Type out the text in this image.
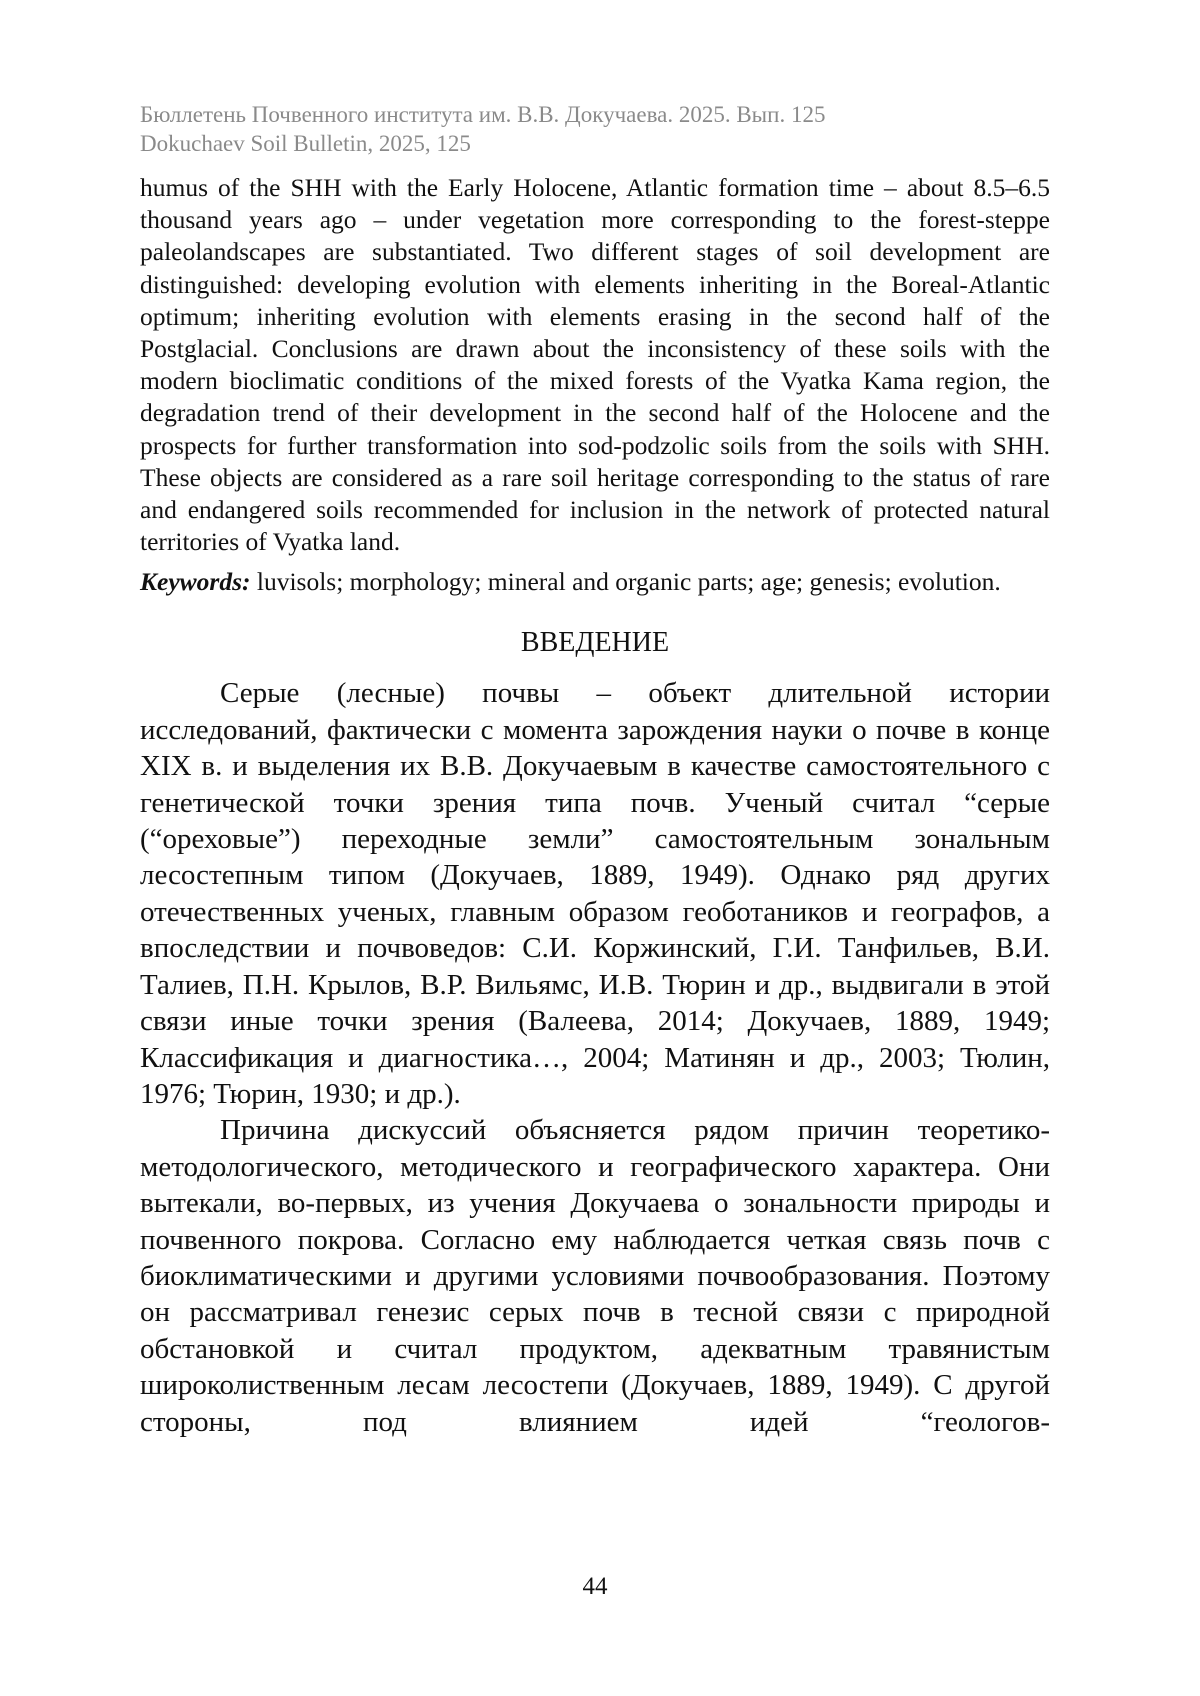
Бюллетень Почвенного института им. В.В. Докучаева. 2025. Вып. 125
Dokuchaev Soil Bulletin, 2025, 125
humus of the SHH with the Early Holocene, Atlantic formation time – about 8.5–6.5 thousand years ago – under vegetation more corresponding to the forest-steppe paleolandscapes are substantiated. Two different stages of soil development are distinguished: developing evolution with elements inheriting in the Boreal-Atlantic optimum; inheriting evolution with elements erasing in the second half of the Postglacial. Conclusions are drawn about the inconsistency of these soils with the modern bioclimatic conditions of the mixed forests of the Vyatka Kama region, the degradation trend of their development in the second half of the Holocene and the prospects for further transformation into sod-podzolic soils from the soils with SHH. These objects are considered as a rare soil heritage corresponding to the status of rare and endangered soils recommended for inclusion in the network of protected natural territories of Vyatka land.
Keywords: luvisols; morphology; mineral and organic parts; age; genesis; evolution.
ВВЕДЕНИЕ

Серые (лесные) почвы – объект длительной истории исследований, фактически с момента зарождения науки о почве в конце XIX в. и выделения их В.В. Докучаевым в качестве самостоятельного с генетической точки зрения типа почв. Ученый считал “серые (“ореховые”) переходные земли” самостоятельным зональным лесостепным типом (Докучаев, 1889, 1949). Однако ряд других отечественных ученых, главным образом геоботаников и географов, а впоследствии и почвоведов: С.И. Коржинский, Г.И. Танфильев, В.И. Талиев, П.Н. Крылов, В.Р. Вильямс, И.В. Тюрин и др., выдвигали в этой связи иные точки зрения (Валеева, 2014; Докучаев, 1889, 1949; Классификация и диагностика…, 2004; Матинян и др., 2003; Тюлин, 1976; Тюрин, 1930; и др.).

Причина дискуссий объясняется рядом причин теоретико-методологического, методического и географического характера. Они вытекали, во-первых, из учения Докучаева о зональности природы и почвенного покрова. Согласно ему наблюдается четкая связь почв с биоклиматическими и другими условиями почвообразования. Поэтому он рассматривал генезис серых почв в тесной связи с природной обстановкой и считал продуктом, адекватным травянистым широколиственным лесам лесостепи (Докучаев, 1889, 1949). С другой стороны, под влиянием идей “геологов-

44
